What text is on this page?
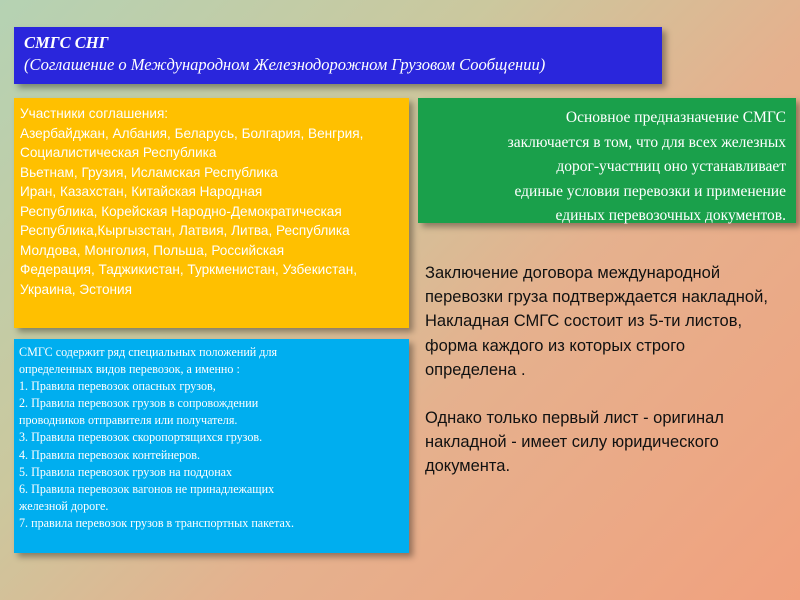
СМГС СНГ
(Соглашение о Международном Железнодорожном Грузовом Сообщении)
Участники соглашения:
Азербайджан, Албания, Беларусь, Болгария, Венгрия,
Социалистическая Республика
Вьетнам, Грузия, Исламская Республика
Иран, Казахстан, Китайская Народная
Республика, Корейская Народно-Демократическая
Республика,Кыргызстан, Латвия, Литва, Республика
Молдова, Монголия, Польша, Российская
Федерация, Таджикистан, Туркменистан, Узбекистан,
Украина, Эстония
Основное предназначение СМГС
заключается в том, что для всех железных
дорог-участниц оно устанавливает
единые условия перевозки и применение
единых перевозочных документов.
СМГС содержит ряд специальных положений для
определенных видов перевозок, а именно :
1. Правила перевозок опасных грузов,
2. Правила перевозок грузов в сопровождении
проводников отправителя или получателя.
3. Правила перевозок скоропортящихся грузов.
4. Правила перевозок контейнеров.
5. Правила перевозок грузов на поддонах
6. Правила перевозок вагонов не принадлежащих
железной дороге.
7. правила перевозок грузов в транспортных пакетах.
Заключение договора международной
перевозки груза подтверждается накладной,
Накладная СМГС состоит из 5-ти листов,
форма каждого из которых строго
определена .
Однако только первый лист - оригинал
накладной - имеет силу юридического
документа.
